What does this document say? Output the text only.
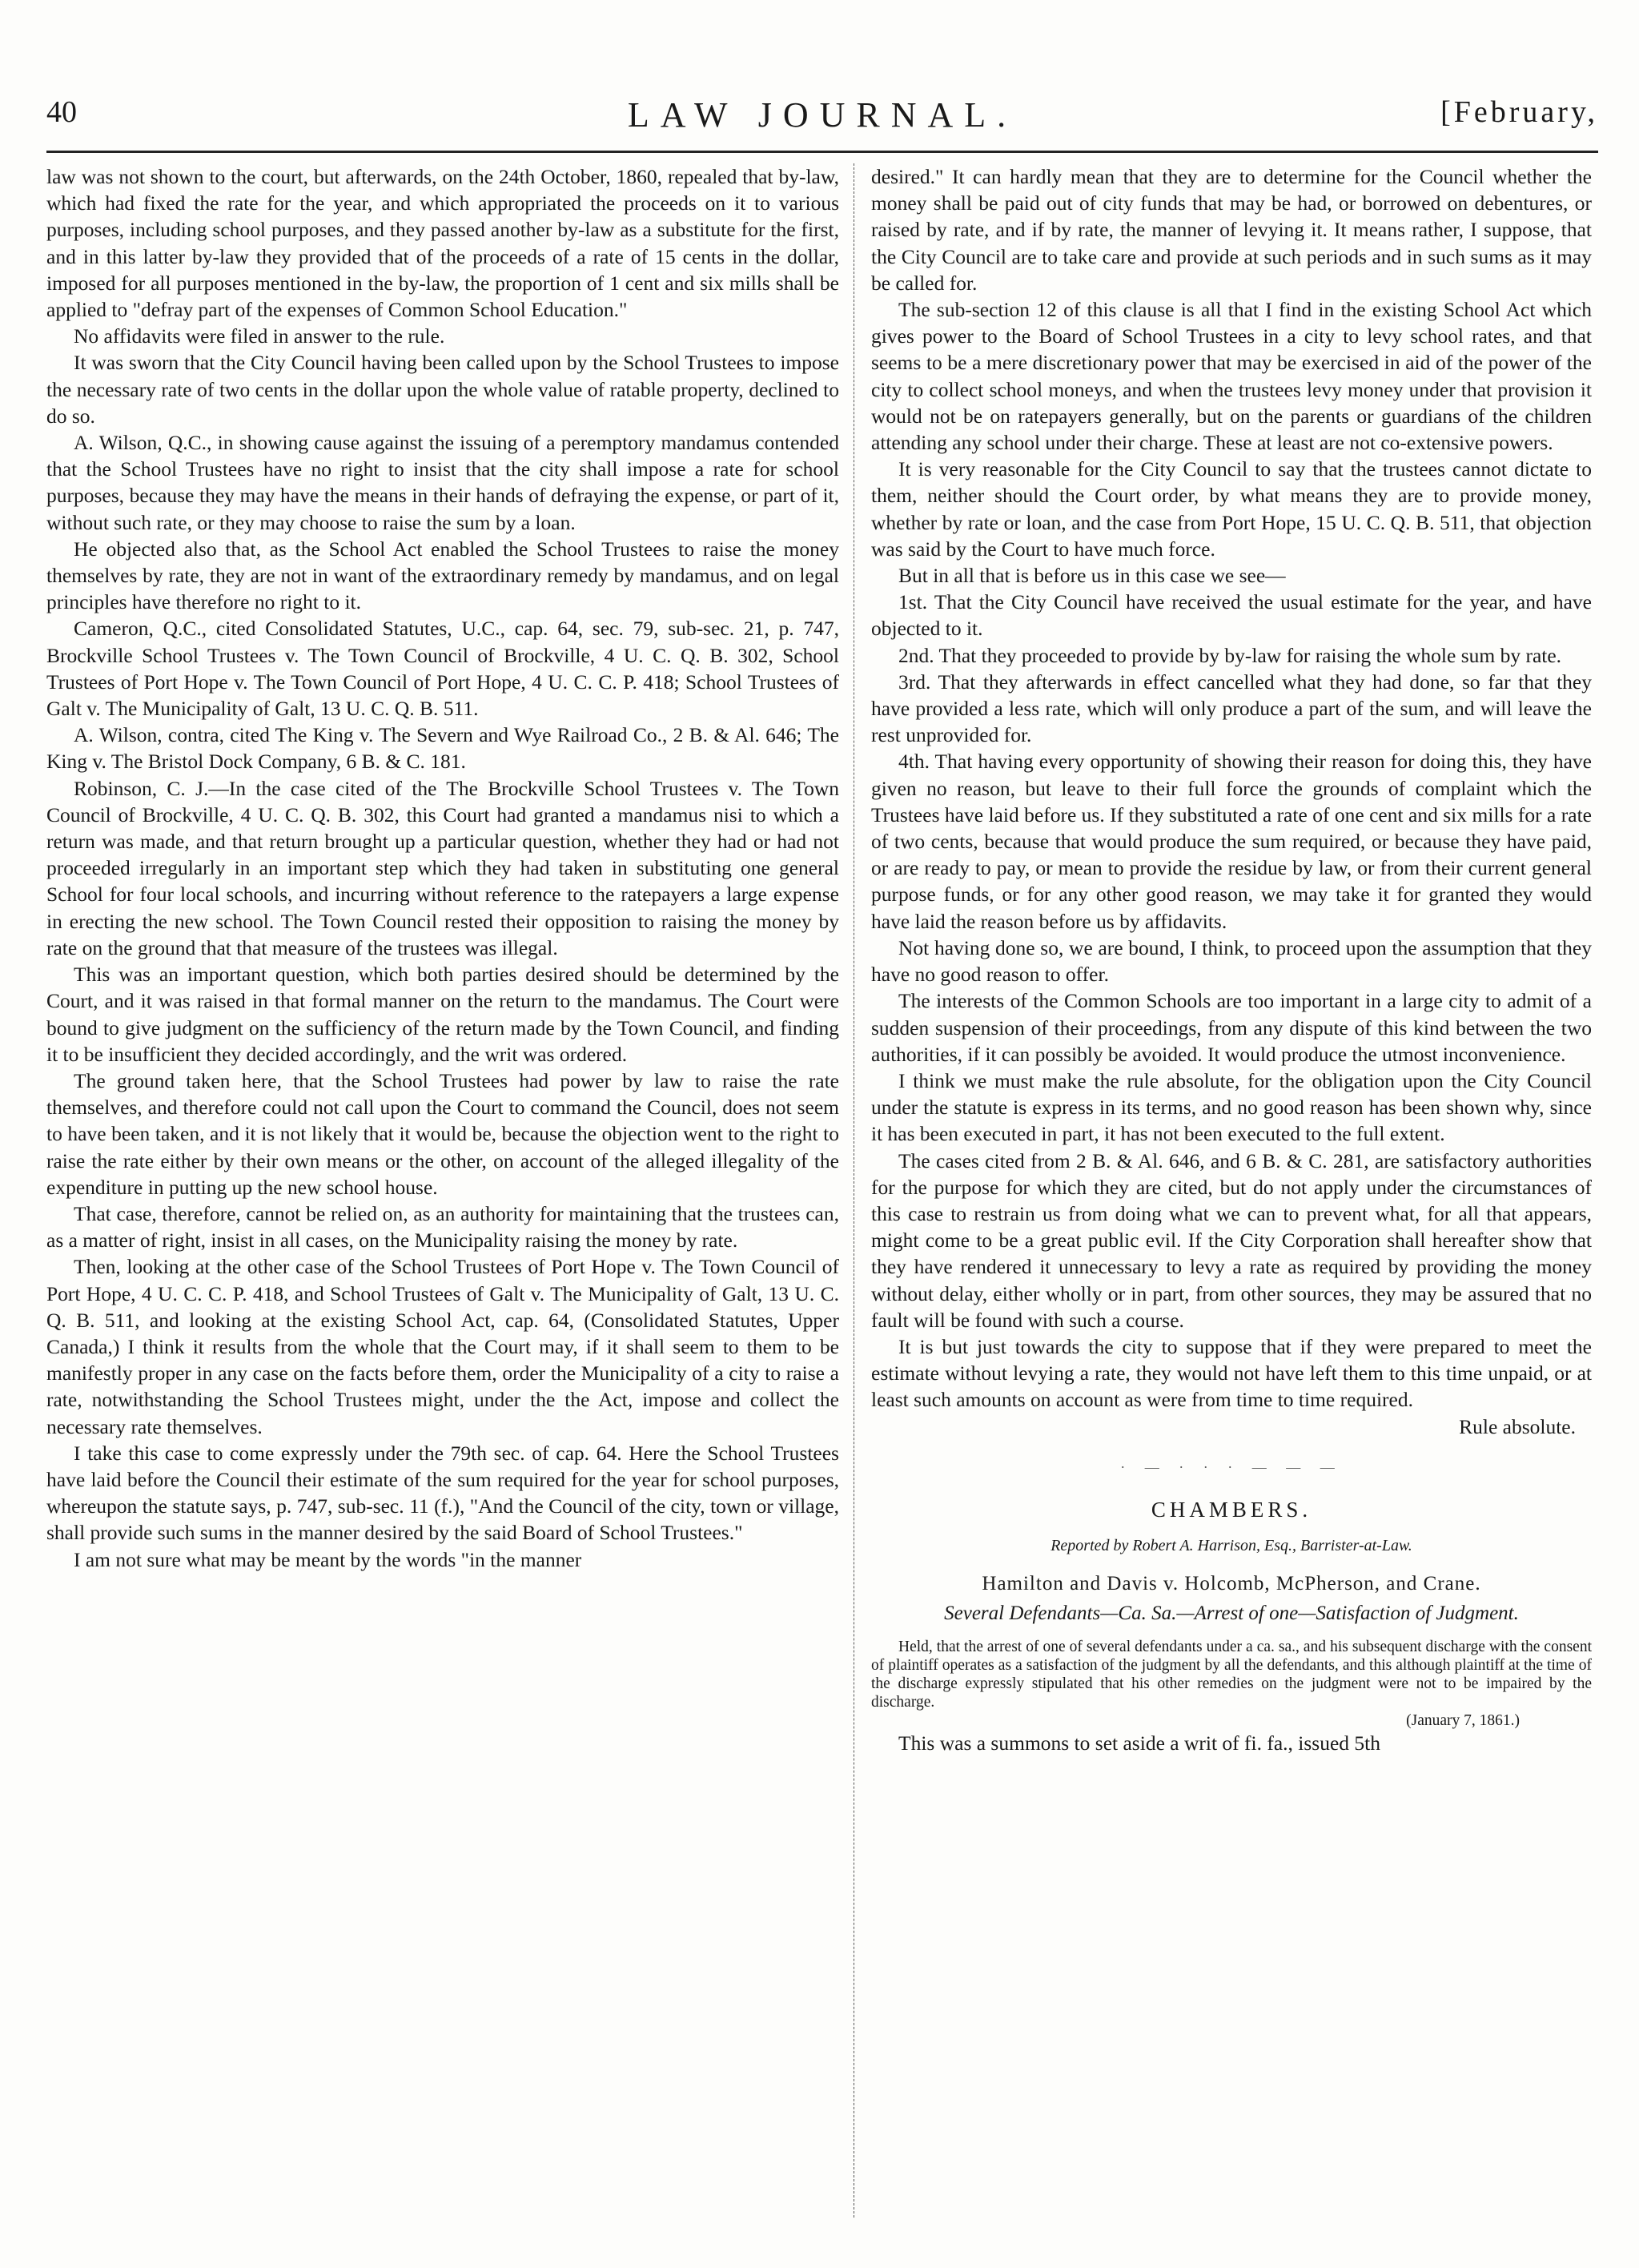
40	LAW JOURNAL.	[February,

law was not shown to the court, but afterwards, on the 24th October, 1860, repealed that by-law, which had fixed the rate for the year, and which appropriated the proceeds on it to various purposes, including school purposes, and they passed another by-law as a substitute for the first, and in this latter by-law they provided that of the proceeds of a rate of 15 cents in the dollar, imposed for all purposes mentioned in the by-law, the proportion of 1 cent and six mills shall be applied to "defray part of the expenses of Common School Education."

No affidavits were filed in answer to the rule.

It was sworn that the City Council having been called upon by the School Trustees to impose the necessary rate of two cents in the dollar upon the whole value of ratable property, declined to do so.

A. Wilson, Q.C., in showing cause against the issuing of a peremptory mandamus contended that the School Trustees have no right to insist that the city shall impose a rate for school purposes, because they may have the means in their hands of defraying the expense, or part of it, without such rate, or they may choose to raise the sum by a loan.

He objected also that, as the School Act enabled the School Trustees to raise the money themselves by rate, they are not in want of the extraordinary remedy by mandamus, and on legal principles have therefore no right to it.

Cameron, Q.C., cited Consolidated Statutes, U.C., cap. 64, sec. 79, sub-sec. 21, p. 747, Brockville School Trustees v. The Town Council of Brockville, 4 U. C. Q. B. 302, School Trustees of Port Hope v. The Town Council of Port Hope, 4 U. C. C. P. 418; School Trustees of Galt v. The Municipality of Galt, 13 U. C. Q. B. 511.

A. Wilson, contra, cited The King v. The Severn and Wye Railroad Co., 2 B. & Al. 646; The King v. The Bristol Dock Company, 6 B. & C. 181.

Robinson, C. J.—In the case cited of the The Brockville School Trustees v. The Town Council of Brockville, 4 U. C. Q. B. 302, this Court had granted a mandamus nisi to which a return was made, and that return brought up a particular question, whether they had or had not proceeded irregularly in an important step which they had taken in substituting one general School for four local schools, and incurring without reference to the ratepayers a large expense in erecting the new school. The Town Council rested their opposition to raising the money by rate on the ground that that measure of the trustees was illegal.

This was an important question, which both parties desired should be determined by the Court, and it was raised in that formal manner on the return to the mandamus. The Court were bound to give judgment on the sufficiency of the return made by the Town Council, and finding it to be insufficient they decided accordingly, and the writ was ordered.

The ground taken here, that the School Trustees had power by law to raise the rate themselves, and therefore could not call upon the Court to command the Council, does not seem to have been taken, and it is not likely that it would be, because the objection went to the right to raise the rate either by their own means or the other, on account of the alleged illegality of the expenditure in putting up the new school house.

That case, therefore, cannot be relied on, as an authority for maintaining that the trustees can, as a matter of right, insist in all cases, on the Municipality raising the money by rate.

Then, looking at the other case of the School Trustees of Port Hope v. The Town Council of Port Hope, 4 U. C. C. P. 418, and School Trustees of Galt v. The Municipality of Galt, 13 U. C. Q. B. 511, and looking at the existing School Act, cap. 64, (Consolidated Statutes, Upper Canada,) I think it results from the whole that the Court may, if it shall seem to them to be manifestly proper in any case on the facts before them, order the Municipality of a city to raise a rate, notwithstanding the School Trustees might, under the the Act, impose and collect the necessary rate themselves.

I take this case to come expressly under the 79th sec. of cap. 64. Here the School Trustees have laid before the Council their estimate of the sum required for the year for school purposes, whereupon the statute says, p. 747, sub-sec. 11 (f.), "And the Council of the city, town or village, shall provide such sums in the manner desired by the said Board of School Trustees."

I am not sure what may be meant by the words "in the manner

desired." It can hardly mean that they are to determine for the Council whether the money shall be paid out of city funds that may be had, or borrowed on debentures, or raised by rate, and if by rate, the manner of levying it. It means rather, I suppose, that the City Council are to take care and provide at such periods and in such sums as it may be called for.

The sub-section 12 of this clause is all that I find in the existing School Act which gives power to the Board of School Trustees in a city to levy school rates, and that seems to be a mere discretionary power that may be exercised in aid of the power of the city to collect school moneys, and when the trustees levy money under that provision it would not be on ratepayers generally, but on the parents or guardians of the children attending any school under their charge. These at least are not co-extensive powers.

It is very reasonable for the City Council to say that the trustees cannot dictate to them, neither should the Court order, by what means they are to provide money, whether by rate or loan, and the case from Port Hope, 15 U. C. Q. B. 511, that objection was said by the Court to have much force.

But in all that is before us in this case we see—

1st. That the City Council have received the usual estimate for the year, and have objected to it.

2nd. That they proceeded to provide by by-law for raising the whole sum by rate.

3rd. That they afterwards in effect cancelled what they had done, so far that they have provided a less rate, which will only produce a part of the sum, and will leave the rest unprovided for.

4th. That having every opportunity of showing their reason for doing this, they have given no reason, but leave to their full force the grounds of complaint which the Trustees have laid before us. If they substituted a rate of one cent and six mills for a rate of two cents, because that would produce the sum required, or because they have paid, or are ready to pay, or mean to provide the residue by law, or from their current general purpose funds, or for any other good reason, we may take it for granted they would have laid the reason before us by affidavits.

Not having done so, we are bound, I think, to proceed upon the assumption that they have no good reason to offer.

The interests of the Common Schools are too important in a large city to admit of a sudden suspension of their proceedings, from any dispute of this kind between the two authorities, if it can possibly be avoided. It would produce the utmost inconvenience.

I think we must make the rule absolute, for the obligation upon the City Council under the statute is express in its terms, and no good reason has been shown why, since it has been executed in part, it has not been executed to the full extent.

The cases cited from 2 B. & Al. 646, and 6 B. & C. 281, are satisfactory authorities for the purpose for which they are cited, but do not apply under the circumstances of this case to restrain us from doing what we can to prevent what, for all that appears, might come to be a great public evil. If the City Corporation shall hereafter show that they have rendered it unnecessary to levy a rate as required by providing the money without delay, either wholly or in part, from other sources, they may be assured that no fault will be found with such a course.

It is but just towards the city to suppose that if they were prepared to meet the estimate without levying a rate, they would not have left them to this time unpaid, or at least such amounts on account as were from time to time required.

Rule absolute.

· — · · · — — —
CHAMBERS.
Reported by Robert A. Harrison, Esq., Barrister-at-Law.
Hamilton and Davis v. Holcomb, McPherson, and Crane.
Several Defendants—Ca. Sa.—Arrest of one—Satisfaction of Judgment.

Held, that the arrest of one of several defendants under a ca. sa., and his subsequent discharge with the consent of plaintiff operates as a satisfaction of the judgment by all the defendants, and this although plaintiff at the time of the discharge expressly stipulated that his other remedies on the judgment were not to be impaired by the discharge.
(January 7, 1861.)

This was a summons to set aside a writ of fi. fa., issued 5th
